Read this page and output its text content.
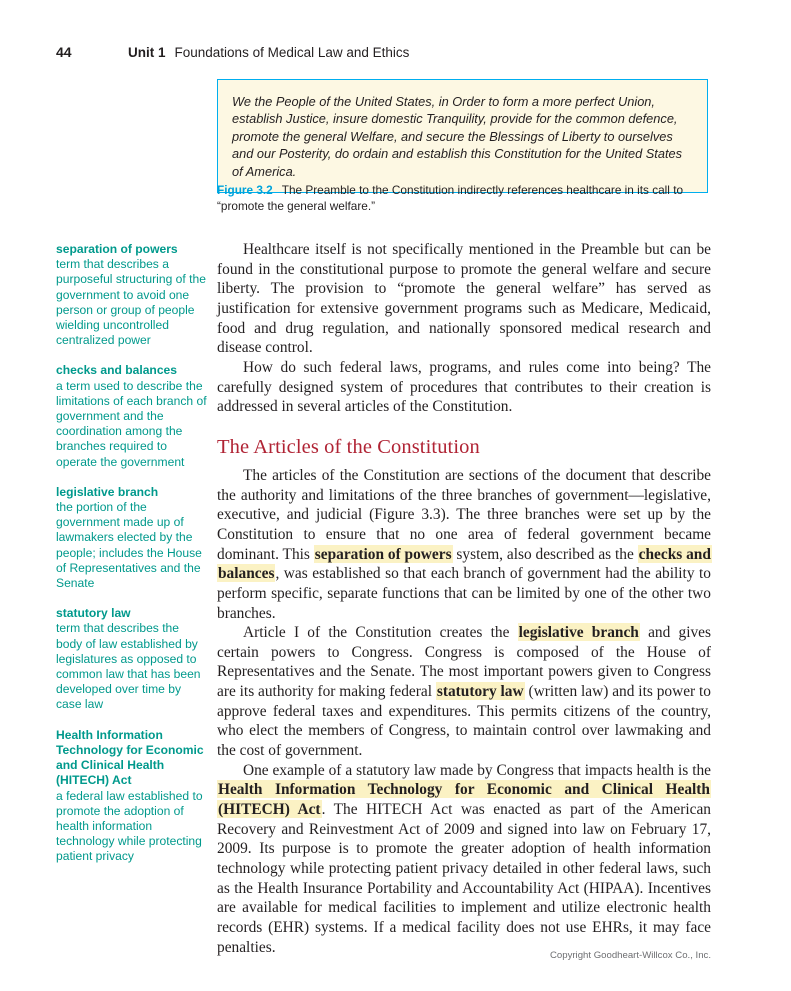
44	Unit 1 Foundations of Medical Law and Ethics

We the People of the United States, in Order to form a more perfect Union, establish Justice, insure domestic Tranquility, provide for the common defence, promote the general Welfare, and secure the Blessings of Liberty to ourselves and our Posterity, do ordain and establish this Constitution for the United States of America.

Figure 3.2 The Preamble to the Constitution indirectly references healthcare in its call to “promote the general welfare.”
separation of powers
term that describes a purposeful structuring of the government to avoid one person or group of people wielding uncontrolled centralized power
checks and balances
a term used to describe the limitations of each branch of government and the coordination among the branches required to operate the government
legislative branch
the portion of the government made up of lawmakers elected by the people; includes the House of Representatives and the Senate
statutory law
term that describes the body of law established by legislatures as opposed to common law that has been developed over time by case law
Health Information Technology for Economic and Clinical Health (HITECH) Act
a federal law established to promote the adoption of health information technology while protecting patient privacy

Healthcare itself is not specifically mentioned in the Preamble but can be found in the constitutional purpose to promote the general welfare and secure liberty. The provision to “promote the general welfare” has served as justification for extensive government programs such as Medicare, Medicaid, food and drug regulation, and nationally sponsored medical research and disease control.

How do such federal laws, programs, and rules come into being? The carefully designed system of procedures that contributes to their creation is addressed in several articles of the Constitution.

The Articles of the Constitution

The articles of the Constitution are sections of the document that describe the authority and limitations of the three branches of government—legislative, executive, and judicial (Figure 3.3). The three branches were set up by the Constitution to ensure that no one area of federal government became dominant. This separation of powers system, also described as the checks and balances, was established so that each branch of government had the ability to perform specific, separate functions that can be limited by one of the other two branches.

Article I of the Constitution creates the legislative branch and gives certain powers to Congress. Congress is composed of the House of Representatives and the Senate. The most important powers given to Congress are its authority for making federal statutory law (written law) and its power to approve federal taxes and expenditures. This permits citizens of the country, who elect the members of Congress, to maintain control over lawmaking and the cost of government.

One example of a statutory law made by Congress that impacts health is the Health Information Technology for Economic and Clinical Health (HITECH) Act. The HITECH Act was enacted as part of the American Recovery and Reinvestment Act of 2009 and signed into law on February 17, 2009. Its purpose is to promote the greater adoption of health information technology while protecting patient privacy detailed in other federal laws, such as the Health Insurance Portability and Accountability Act (HIPAA). Incentives are available for medical facilities to implement and utilize electronic health records (EHR) systems. If a medical facility does not use EHRs, it may face penalties.	Copyright Goodheart-Willcox Co., Inc.
